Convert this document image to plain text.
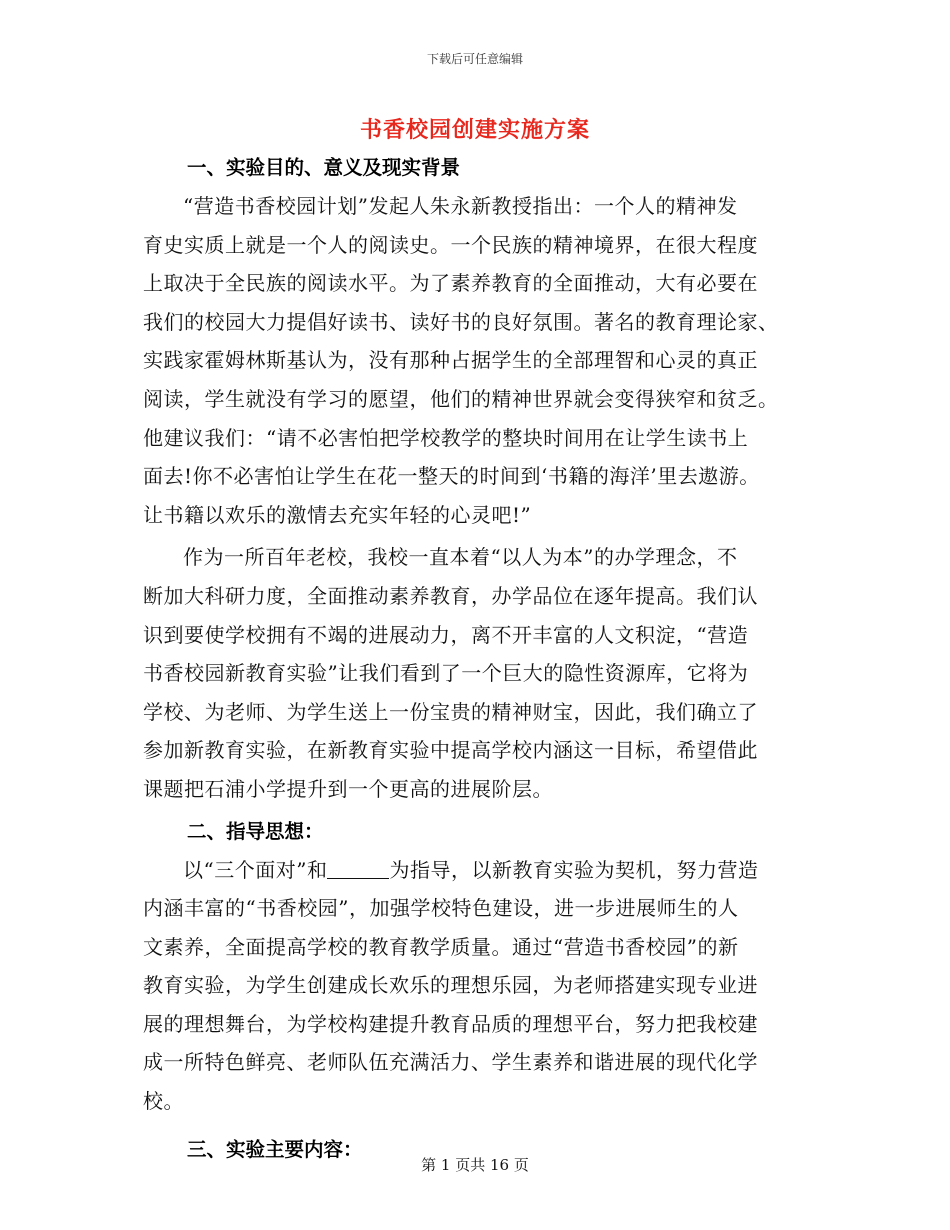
下载后可任意编辑
书香校园创建实施方案
一、实验目的、意义及现实背景
“营造书香校园计划”发起人朱永新教授指出：一个人的精神发
育史实质上就是一个人的阅读史。一个民族的精神境界，在很大程度
上取决于全民族的阅读水平。为了素养教育的全面推动，大有必要在
我们的校园大力提倡好读书、读好书的良好氛围。著名的教育理论家、
实践家霍姆林斯基认为，没有那种占据学生的全部理智和心灵的真正
阅读，学生就没有学习的愿望，他们的精神世界就会变得狭窄和贫乏。
他建议我们：“请不必害怕把学校教学的整块时间用在让学生读书上
面去!你不必害怕让学生在花一整天的时间到‘书籍的海洋’里去遨游。
让书籍以欢乐的激情去充实年轻的心灵吧!”
作为一所百年老校，我校一直本着“以人为本”的办学理念，不
断加大科研力度，全面推动素养教育，办学品位在逐年提高。我们认
识到要使学校拥有不竭的进展动力，离不开丰富的人文积淀，“营造
书香校园新教育实验”让我们看到了一个巨大的隐性资源库，它将为
学校、为老师、为学生送上一份宝贵的精神财宝，因此，我们确立了
参加新教育实验，在新教育实验中提高学校内涵这一目标，希望借此
课题把石浦小学提升到一个更高的进展阶层。
二、指导思想：
以“三个面对”和	为指导，以新教育实验为契机，努力营造
内涵丰富的“书香校园”，加强学校特色建设，进一步进展师生的人
文素养，全面提高学校的教育教学质量。通过“营造书香校园”的新
教育实验，为学生创建成长欢乐的理想乐园，为老师搭建实现专业进
展的理想舞台，为学校构建提升教育品质的理想平台，努力把我校建
成一所特色鲜亮、老师队伍充满活力、学生素养和谐进展的现代化学
校。
三、实验主要内容：
第 1 页共 16 页
